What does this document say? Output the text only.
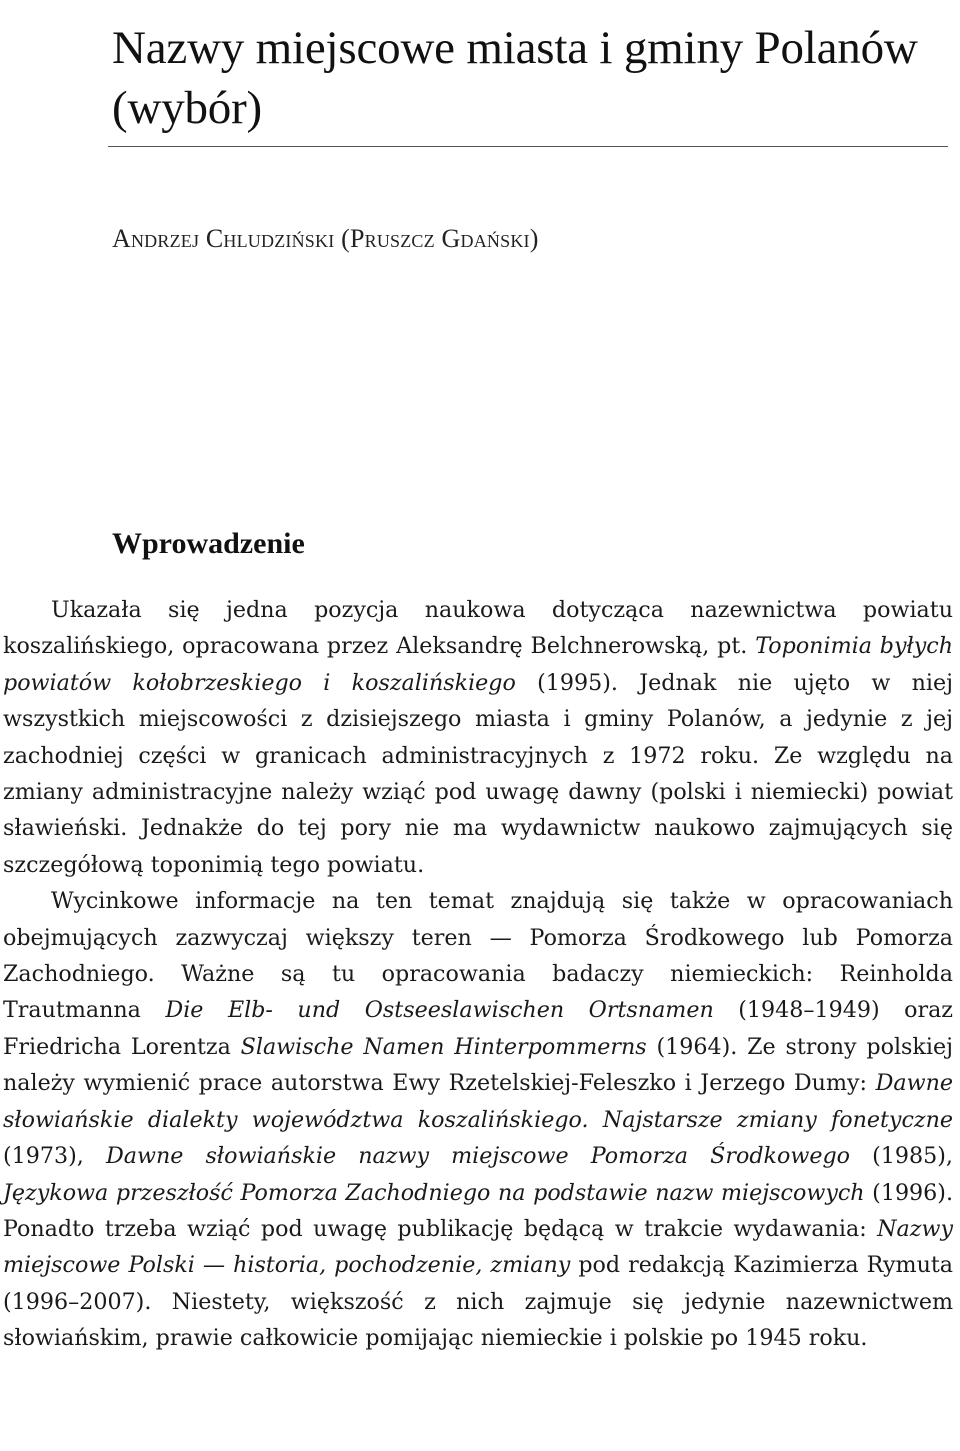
Nazwy miejscowe miasta i gminy Polanów (wybór)
Andrzej Chludziński (Pruszcz Gdański)
Wprowadzenie

Ukazała się jedna pozycja naukowa dotycząca nazewnictwa powiatu koszalińskiego, opracowana przez Aleksandrę Belchnerowską, pt. Toponimia byłych powiatów kołobrzeskiego i koszalińskiego (1995). Jednak nie ujęto w niej wszystkich miejscowości z dzisiejszego miasta i gminy Polanów, a jedynie z jej zachodniej części w granicach administracyjnych z 1972 roku. Ze względu na zmiany administracyjne należy wziąć pod uwagę dawny (polski i niemiecki) powiat sławieński. Jednakże do tej pory nie ma wydawnictw naukowo zajmujących się szczegółową toponimią tego powiatu.

Wycinkowe informacje na ten temat znajdują się także w opracowaniach obejmujących zazwyczaj większy teren — Pomorza Środkowego lub Pomorza Zachodniego. Ważne są tu opracowania badaczy niemieckich: Reinholda Trautmanna Die Elb- und Ostseeslawischen Ortsnamen (1948–1949) oraz Friedricha Lorentza Slawische Namen Hinterpommerns (1964). Ze strony polskiej należy wymienić prace autorstwa Ewy Rzetelskiej-Feleszko i Jerzego Dumy: Dawne słowiańskie dialekty województwa koszalińskiego. Najstarsze zmiany fonetyczne (1973), Dawne słowiańskie nazwy miejscowe Pomorza Środkowego (1985), Językowa przeszłość Pomorza Zachodniego na podstawie nazw miejscowych (1996). Ponadto trzeba wziąć pod uwagę publikację będącą w trakcie wydawania: Nazwy miejscowe Polski — historia, pochodzenie, zmiany pod redakcją Kazimierza Rymuta (1996–2007). Niestety, większość z nich zajmuje się jedynie nazewnictwem słowiańskim, prawie całkowicie pomijając niemieckie i polskie po 1945 roku.
